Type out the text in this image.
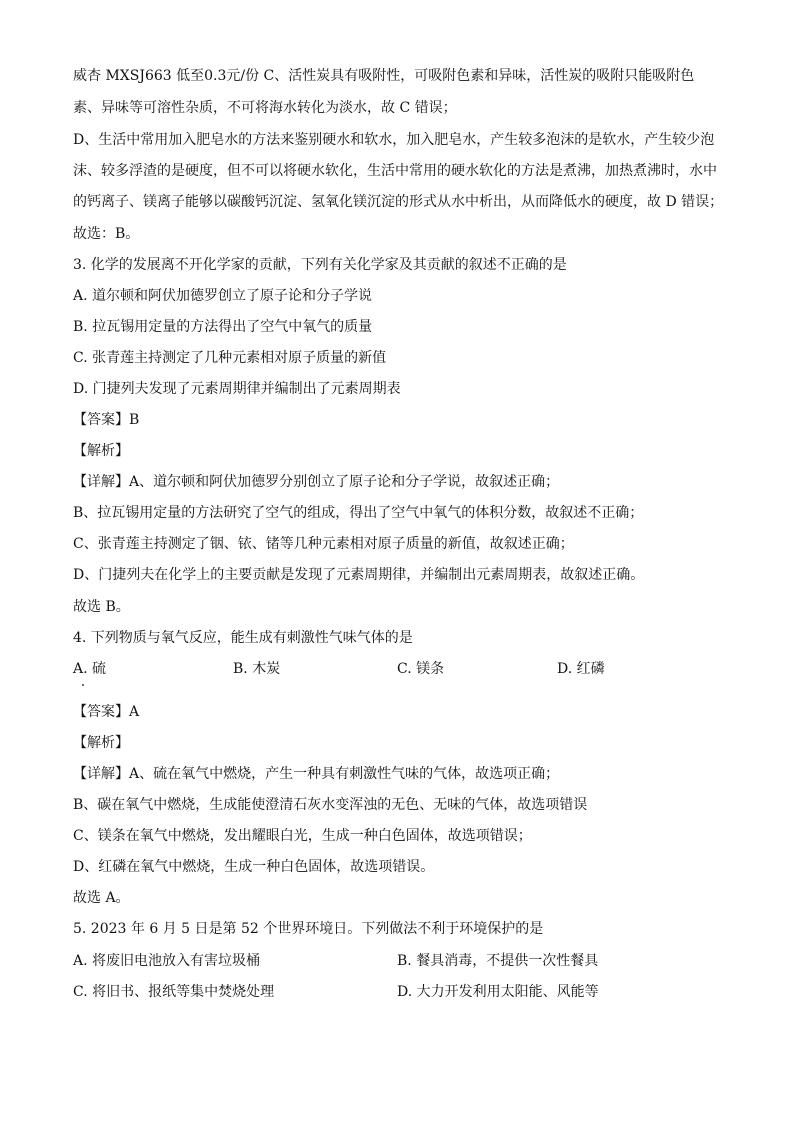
威杏 MXSJ663 低至0.3元/份 C、活性炭具有吸附性，可吸附色素和异味，活性炭的吸附只能吸附色
素、异味等可溶性杂质，不可将海水转化为淡水，故 C 错误；
D、生活中常用加入肥皂水的方法来鉴别硬水和软水，加入肥皂水，产生较多泡沫的是软水，产生较少泡
沫、较多浮渣的是硬度，但不可以将硬水软化，生活中常用的硬水软化的方法是煮沸，加热煮沸时，水中
的钙离子、镁离子能够以碳酸钙沉淀、氢氧化镁沉淀的形式从水中析出，从而降低水的硬度，故 D 错误；
故选：B。
3. 化学的发展离不开化学家的贡献，下列有关化学家及其贡献的叙述不正确的是
A. 道尔顿和阿伏加德罗创立了原子论和分子学说
B. 拉瓦锡用定量的方法得出了空气中氧气的质量
C. 张青莲主持测定了几种元素相对原子质量的新值
D. 门捷列夫发现了元素周期律并编制出了元素周期表
【答案】B
【解析】
【详解】A、道尔顿和阿伏加德罗分别创立了原子论和分子学说，故叙述正确；
B、拉瓦锡用定量的方法研究了空气的组成，得出了空气中氧气的体积分数，故叙述不正确；
C、张青莲主持测定了铟、铱、锗等几种元素相对原子质量的新值，故叙述正确；
D、门捷列夫在化学上的主要贡献是发现了元素周期律，并编制出元素周期表，故叙述正确。
故选 B。
4. 下列物质与氧气反应，能生成有刺激性气味气体的是
A. 硫	B. 木炭	C. 镁条	D. 红磷
【答案】A
【解析】
【详解】A、硫在氧气中燃烧，产生一种具有刺激性气味的气体，故选项正确；
B、碳在氧气中燃烧，生成能使澄清石灰水变浑浊的无色、无味的气体，故选项错误
C、镁条在氧气中燃烧，发出耀眼白光，生成一种白色固体，故选项错误；
D、红磷在氧气中燃烧，生成一种白色固体，故选项错误。
故选 A。
5. 2023 年 6 月 5 日是第 52 个世界环境日。下列做法不利于环境保护的是
A. 将废旧电池放入有害垃圾桶	B. 餐具消毒，不提供一次性餐具
C. 将旧书、报纸等集中焚烧处理	D. 大力开发利用太阳能、风能等
